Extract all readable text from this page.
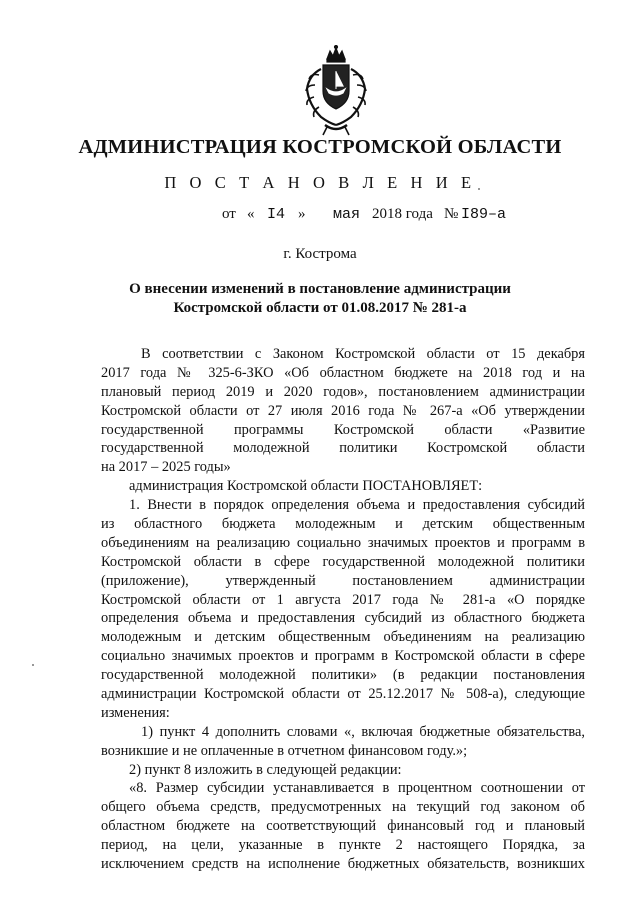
АДМИНИСТРАЦИЯ КОСТРОМСКОЙ ОБЛАСТИ
П О С Т А Н О В Л Е Н И Е
от « I4 » мая 2018 года № I89–а
г. Кострома
О внесении изменений в постановление администрации
Костромской области от 01.08.2017 № 281-а
В соответствии с Законом Костромской области от 15 декабря
2017 года № 325-6-ЗКО «Об областном бюджете на 2018 год и на
плановый период 2019 и 2020 годов», постановлением администрации
Костромской области от 27 июля 2016 года № 267-а «Об утверждении
государственной программы Костромской области «Развитие
государственной молодежной политики Костромской области
на 2017 – 2025 годы»
администрация Костромской области ПОСТАНОВЛЯЕТ:
1. Внести в порядок определения объема и предоставления субсидий
из областного бюджета молодежным и детским общественным
объединениям на реализацию социально значимых проектов и программ в
Костромской области в сфере государственной молодежной политики
(приложение), утвержденный постановлением администрации
Костромской области от 1 августа 2017 года № 281-а «О порядке
определения объема и предоставления субсидий из областного бюджета
молодежным и детским общественным объединениям на реализацию
социально значимых проектов и программ в Костромской области в сфере
государственной молодежной политики» (в редакции постановления
администрации Костромской области от 25.12.2017 № 508-а), следующие
изменения:
1) пункт 4 дополнить словами «, включая бюджетные обязательства,
возникшие и не оплаченные в отчетном финансовом году.»;
2) пункт 8 изложить в следующей редакции:
«8. Размер субсидии устанавливается в процентном соотношении от
общего объема средств, предусмотренных на текущий год законом об
областном бюджете на соответствующий финансовый год и плановый
период, на цели, указанные в пункте 2 настоящего Порядка, за
исключением средств на исполнение бюджетных обязательств, возникших
